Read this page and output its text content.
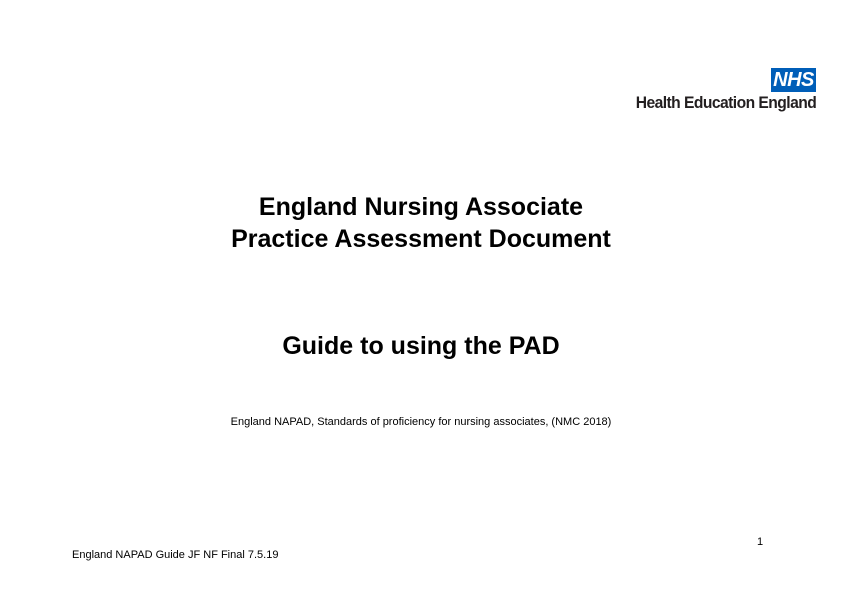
NHS
Health Education England
England Nursing Associate
Practice Assessment Document
Guide to using the PAD
England NAPAD, Standards of proficiency for nursing associates, (NMC 2018)
1
England NAPAD Guide JF NF Final 7.5.19
